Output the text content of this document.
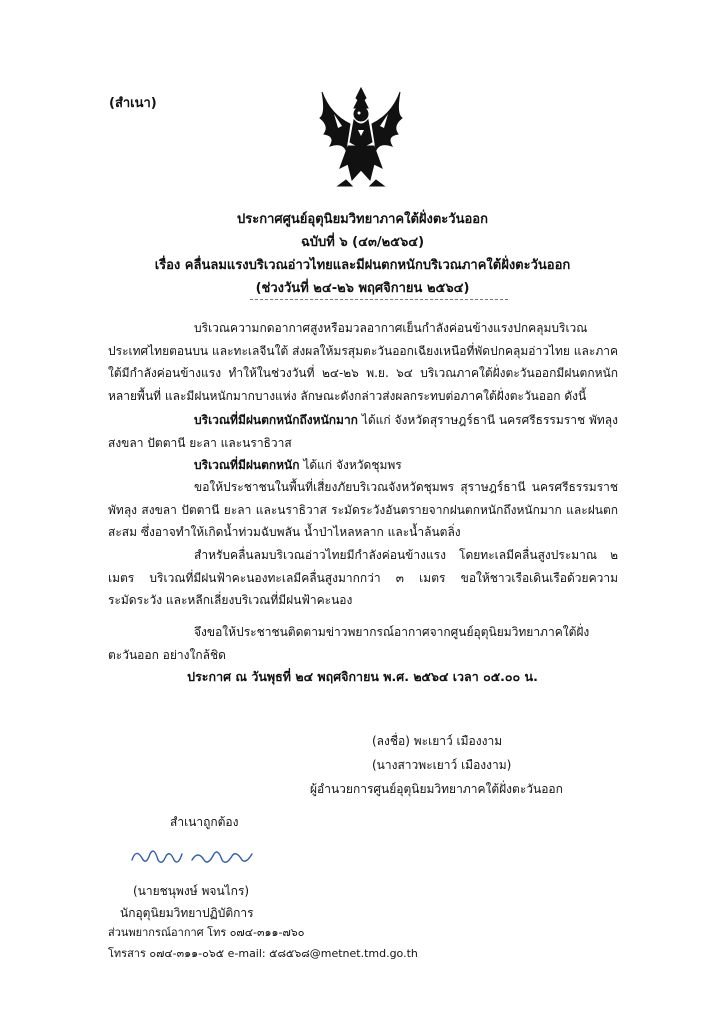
(สำเนา)
ประกาศศูนย์อุตุนิยมวิทยาภาคใต้ฝั่งตะวันออก
ฉบับที่ ๖ (๔๓/๒๕๖๔)
เรื่อง คลื่นลมแรงบริเวณอ่าวไทยและมีฝนตกหนักบริเวณภาคใต้ฝั่งตะวันออก
(ช่วงวันที่ ๒๔-๒๖ พฤศจิกายน ๒๕๖๔)
บริเวณความกดอากาศสูงหรือมวลอากาศเย็นกำลังค่อนข้างแรงปกคลุมบริเวณประเทศไทยตอนบน และทะเลจีนใต้ ส่งผลให้มรสุมตะวันออกเฉียงเหนือที่พัดปกคลุมอ่าวไทย และภาคใต้มีกำลังค่อนข้างแรง ทำให้ในช่วงวันที่ ๒๔-๒๖ พ.ย. ๖๔ บริเวณภาคใต้ฝั่งตะวันออกมีฝนตกหนักหลายพื้นที่ และมีฝนหนักมากบางแห่ง ลักษณะดังกล่าวส่งผลกระทบต่อภาคใต้ฝั่งตะวันออก ดังนี้
บริเวณที่มีฝนตกหนักถึงหนักมาก ได้แก่ จังหวัดสุราษฎร์ธานี นครศรีธรรมราช พัทลุง สงขลา ปัตตานี ยะลา และนราธิวาส
บริเวณที่มีฝนตกหนัก ได้แก่ จังหวัดชุมพร
ขอให้ประชาชนในพื้นที่เสี่ยงภัยบริเวณจังหวัดชุมพร สุราษฎร์ธานี นครศรีธรรมราช พัทลุง สงขลา ปัตตานี ยะลา และนราธิวาส ระมัดระวังอันตรายจากฝนตกหนักถึงหนักมาก และฝนตกสะสม ซึ่งอาจทำให้เกิดน้ำท่วมฉับพลัน น้ำป่าไหลหลาก และน้ำล้นตลิ่ง
สำหรับคลื่นลมบริเวณอ่าวไทยมีกำลังค่อนข้างแรง โดยทะเลมีคลื่นสูงประมาณ ๒ เมตร บริเวณที่มีฝนฟ้าคะนองทะเลมีคลื่นสูงมากกว่า ๓ เมตร ขอให้ชาวเรือเดินเรือด้วยความระมัดระวัง และหลีกเลี่ยงบริเวณที่มีฝนฟ้าคะนอง
จึงขอให้ประชาชนติดตามข่าวพยากรณ์อากาศจากศูนย์อุตุนิยมวิทยาภาคใต้ฝั่งตะวันออก อย่างใกล้ชิด
ประกาศ ณ วันพุธที่ ๒๔ พฤศจิกายน พ.ศ. ๒๕๖๔ เวลา ๐๕.๐๐ น.
(ลงชื่อ) พะเยาว์ เมืองงาม
(นางสาวพะเยาว์ เมืองงาม)
ผู้อำนวยการศูนย์อุตุนิยมวิทยาภาคใต้ฝั่งตะวันออก
สำเนาถูกต้อง
(นายชนุพงษ์ พจนไกร)
นักอุตุนิยมวิทยาปฏิบัติการ
ส่วนพยากรณ์อากาศ โทร ๐๗๔-๓๑๑-๗๖๐
โทรสาร ๐๗๔-๓๑๑-๐๖๕ e-mail: ๕๘๕๖๘@metnet.tmd.go.th
